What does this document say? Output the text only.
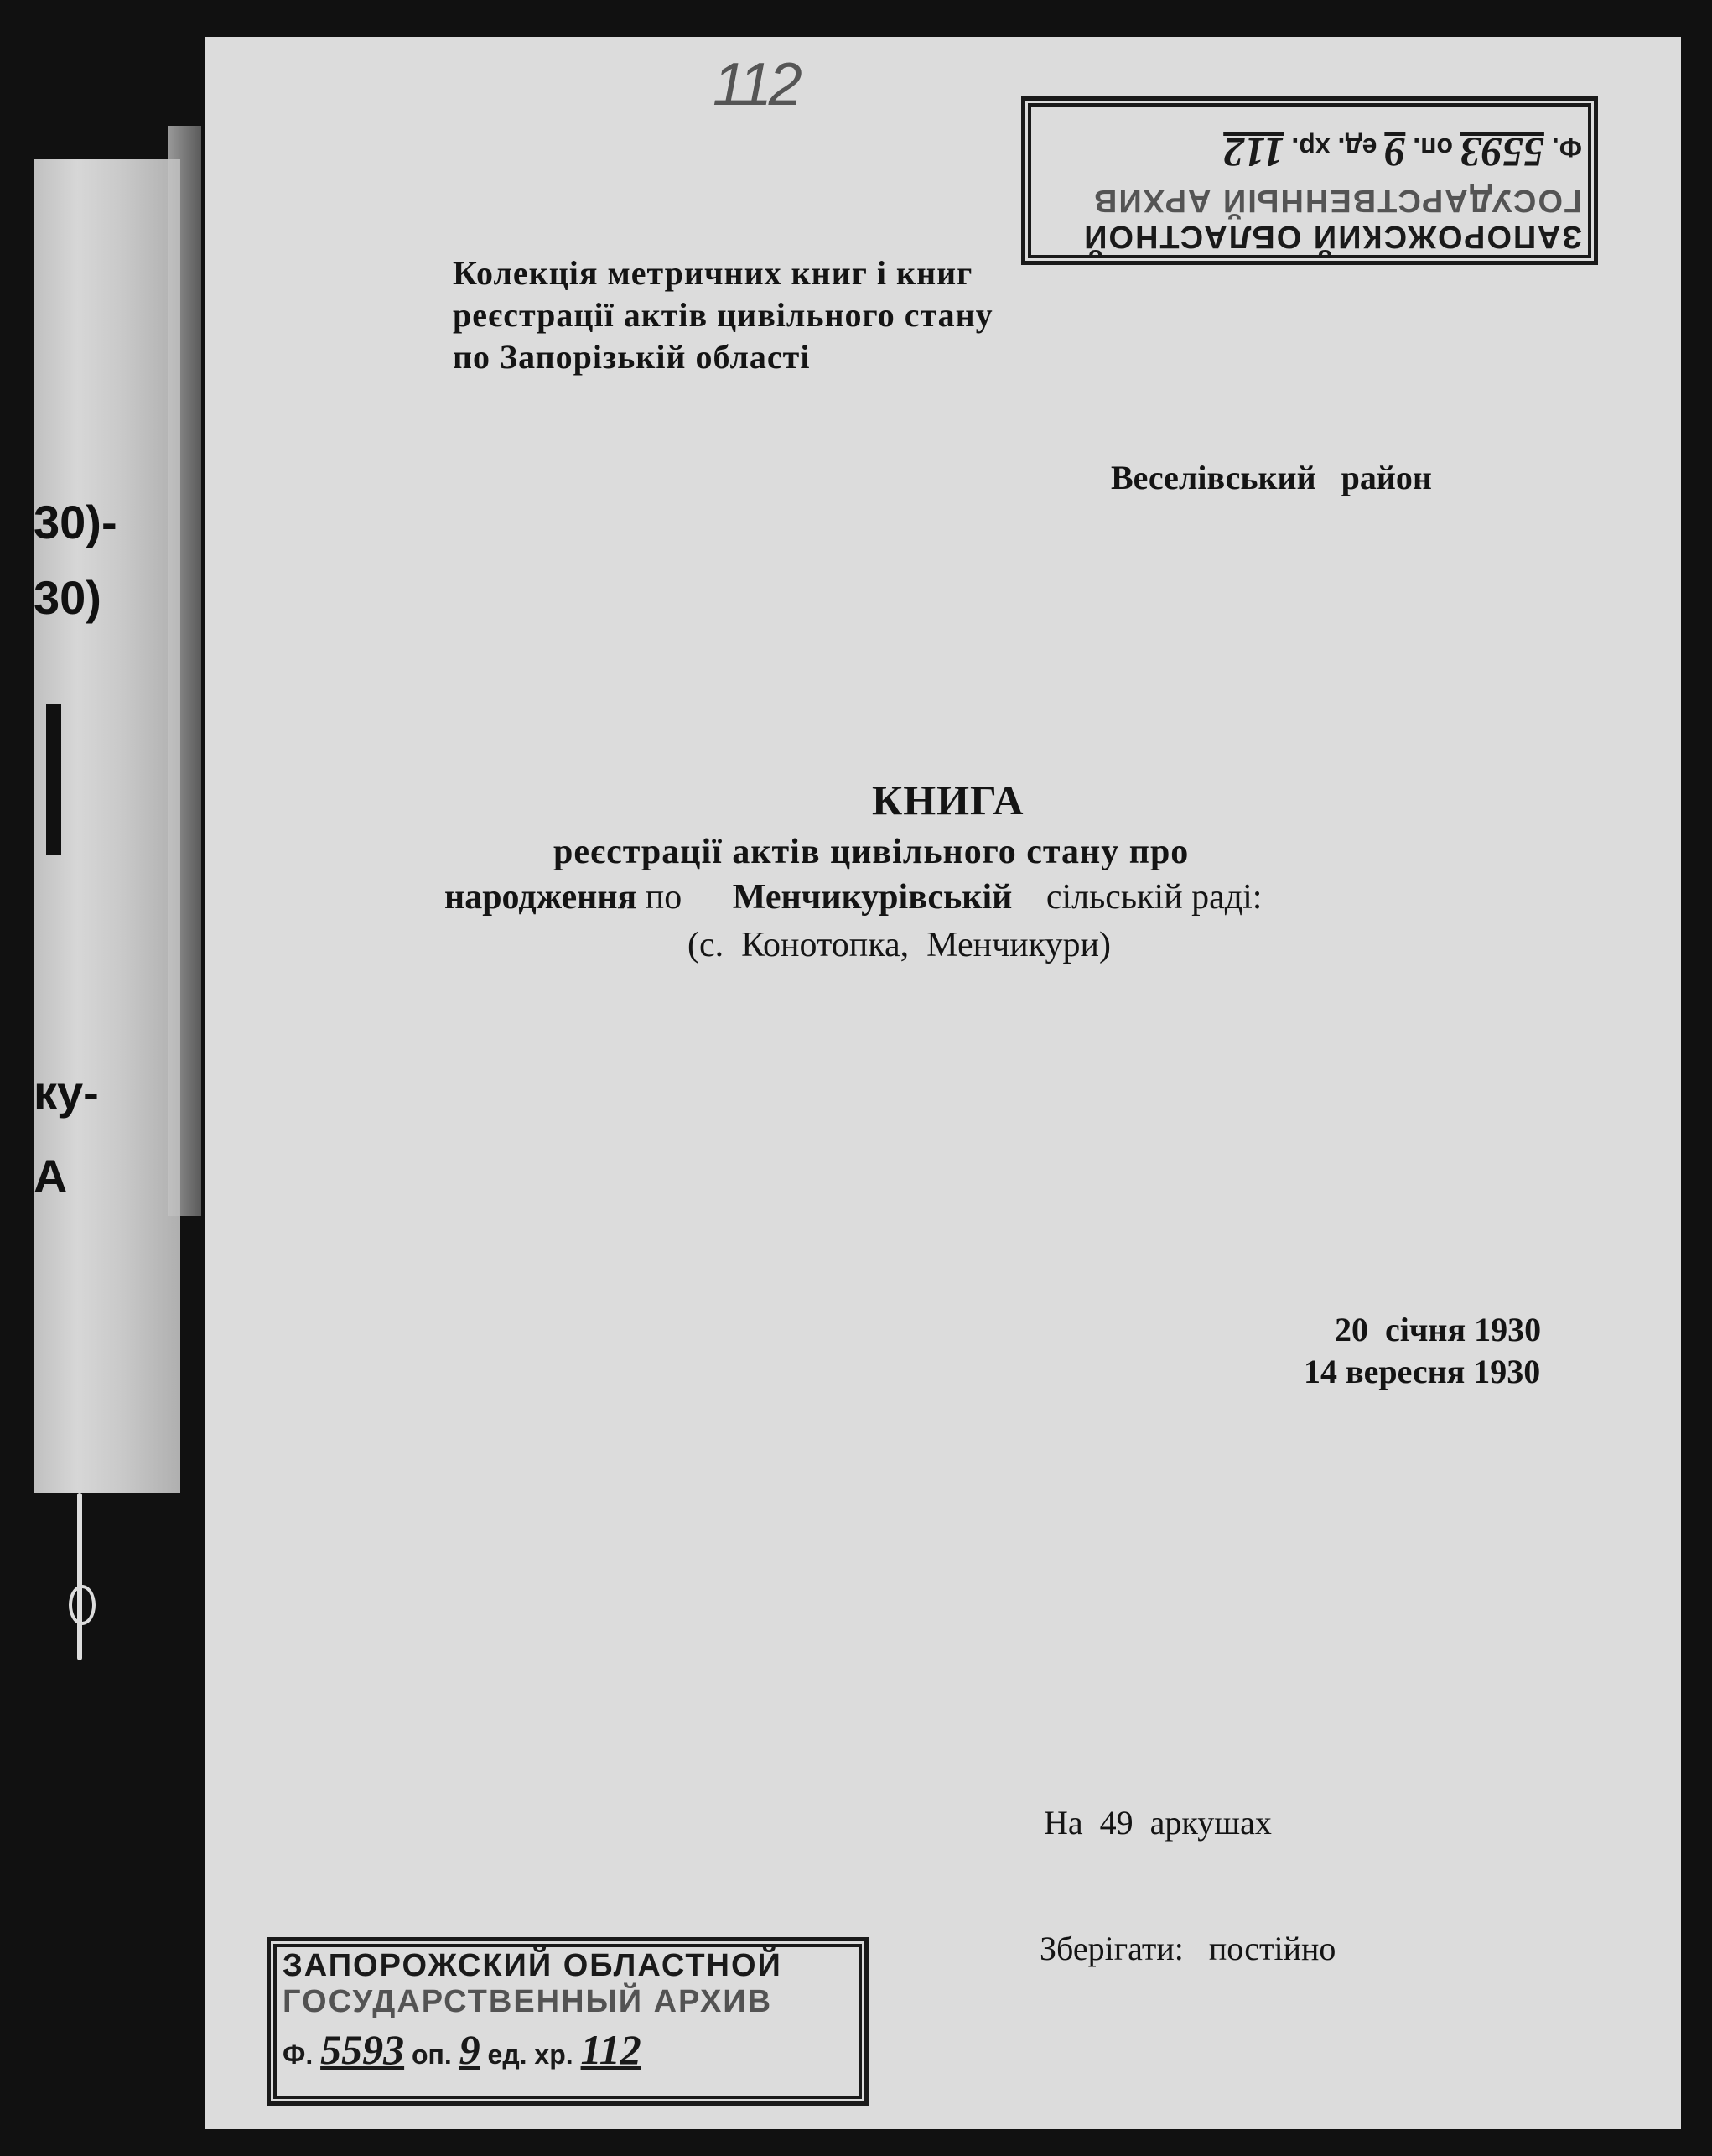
30)-
30)
ку-
А
112
ЗАПОРОЖСКИЙ ОБЛАСТНОЙ
ГОСУДАРСТВЕННЫЙ АРХИВ
Ф. 5593 оп. 9 ед. хр. 112
Колекція метричних книг і книг
реєстрації актів цивільного стану
по Запорізькій області
Веселівський   район
КНИГА
реєстрації актів цивільного стану про
народження по Менчикурівській сільській раді:
(с.  Конотопка,  Менчикури)
20  січня 1930
14 вересня 1930
На  49  аркушах
Зберігати:   постійно
ЗАПОРОЖСКИЙ ОБЛАСТНОЙ
ГОСУДАРСТВЕННЫЙ АРХИВ
Ф. 5593 оп. 9 ед. хр. 112
